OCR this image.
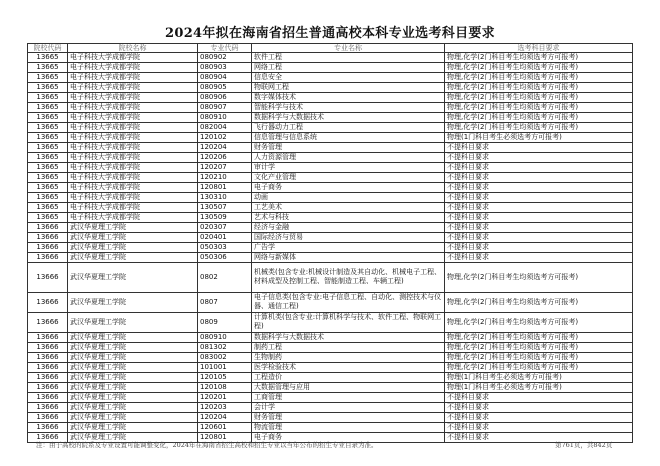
2024年拟在海南省招生普通高校本科专业选考科目要求
院校代码	院校名称	专业代码	专业名称	选考科目要求
13665	电子科技大学成都学院	080902	软件工程	物理,化学(2门科目考生均须选考方可报考)
13665	电子科技大学成都学院	080903	网络工程	物理,化学(2门科目考生均须选考方可报考)
13665	电子科技大学成都学院	080904	信息安全	物理,化学(2门科目考生均须选考方可报考)
13665	电子科技大学成都学院	080905	物联网工程	物理,化学(2门科目考生均须选考方可报考)
13665	电子科技大学成都学院	080906	数字媒体技术	物理,化学(2门科目考生均须选考方可报考)
13665	电子科技大学成都学院	080907	智能科学与技术	物理,化学(2门科目考生均须选考方可报考)
13665	电子科技大学成都学院	080910	数据科学与大数据技术	物理,化学(2门科目考生均须选考方可报考)
13665	电子科技大学成都学院	082004	飞行器动力工程	物理,化学(2门科目考生均须选考方可报考)
13665	电子科技大学成都学院	120102	信息管理与信息系统	物理(1门科目考生必须选考方可报考)
13665	电子科技大学成都学院	120204	财务管理	不提科目要求
13665	电子科技大学成都学院	120206	人力资源管理	不提科目要求
13665	电子科技大学成都学院	120207	审计学	不提科目要求
13665	电子科技大学成都学院	120210	文化产业管理	不提科目要求
13665	电子科技大学成都学院	120801	电子商务	不提科目要求
13665	电子科技大学成都学院	130310	动画	不提科目要求
13665	电子科技大学成都学院	130507	工艺美术	不提科目要求
13665	电子科技大学成都学院	130509	艺术与科技	不提科目要求
13666	武汉华夏理工学院	020307	经济与金融	不提科目要求
13666	武汉华夏理工学院	020401	国际经济与贸易	不提科目要求
13666	武汉华夏理工学院	050303	广告学	不提科目要求
13666	武汉华夏理工学院	050306	网络与新媒体	不提科目要求
13666	武汉华夏理工学院	0802	机械类(包含专业:机械设计制造及其自动化、机械电子工程、材料成型及控制工程、智能制造工程、车辆工程)	物理,化学(2门科目考生均须选考方可报考)
13666	武汉华夏理工学院	0807	电子信息类(包含专业:电子信息工程、自动化、测控技术与仪器、通信工程)	物理,化学(2门科目考生均须选考方可报考)
13666	武汉华夏理工学院	0809	计算机类(包含专业:计算机科学与技术、软件工程、物联网工程)	物理,化学(2门科目考生均须选考方可报考)
13666	武汉华夏理工学院	080910	数据科学与大数据技术	物理,化学(2门科目考生均须选考方可报考)
13666	武汉华夏理工学院	081302	制药工程	物理,化学(2门科目考生均须选考方可报考)
13666	武汉华夏理工学院	083002	生物制药	物理,化学(2门科目考生均须选考方可报考)
13666	武汉华夏理工学院	101001	医学检验技术	物理,化学(2门科目考生均须选考方可报考)
13666	武汉华夏理工学院	120105	工程造价	物理(1门科目考生必须选考方可报考)
13666	武汉华夏理工学院	120108	大数据管理与应用	物理(1门科目考生必须选考方可报考)
13666	武汉华夏理工学院	120201	工商管理	不提科目要求
13666	武汉华夏理工学院	120203	会计学	不提科目要求
13666	武汉华夏理工学院	120204	财务管理	不提科目要求
13666	武汉华夏理工学院	120601	物流管理	不提科目要求
13666	武汉华夏理工学院	120801	电子商务	不提科目要求
注：由于高校的院系及专业设置可能调整变化，2024年在海南省招生高校和招生专业以当年公布的招生专业目录为准。	第761页，共842页
